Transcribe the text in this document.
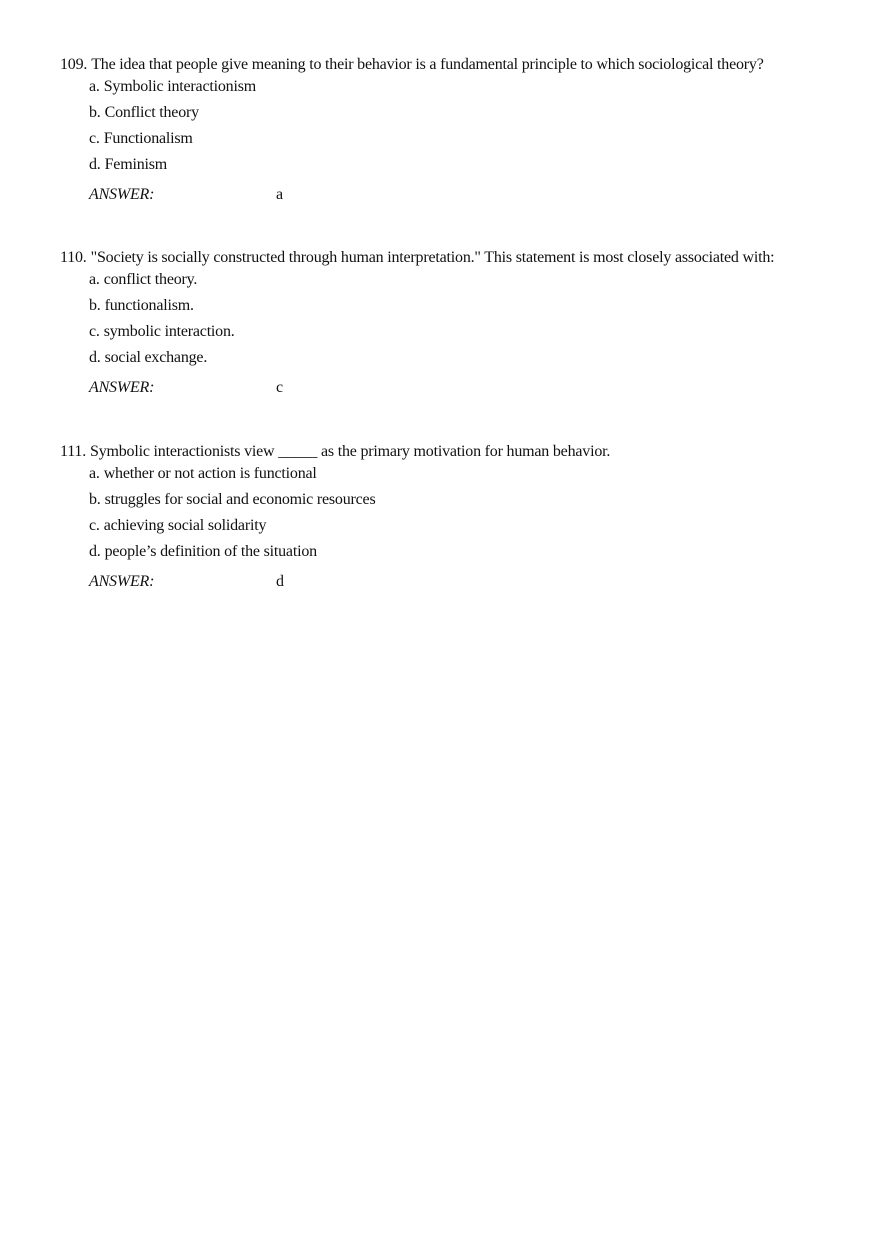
109. The idea that people give meaning to their behavior is a fundamental principle to which sociological theory?
a. Symbolic interactionism
b. Conflict theory
c. Functionalism
d. Feminism
ANSWER:	a
110. "Society is socially constructed through human interpretation." This statement is most closely associated with:
a. conflict theory.
b. functionalism.
c. symbolic interaction.
d. social exchange.
ANSWER:	c
111. Symbolic interactionists view _____ as the primary motivation for human behavior.
a. whether or not action is functional
b. struggles for social and economic resources
c. achieving social solidarity
d. people’s definition of the situation
ANSWER:	d
